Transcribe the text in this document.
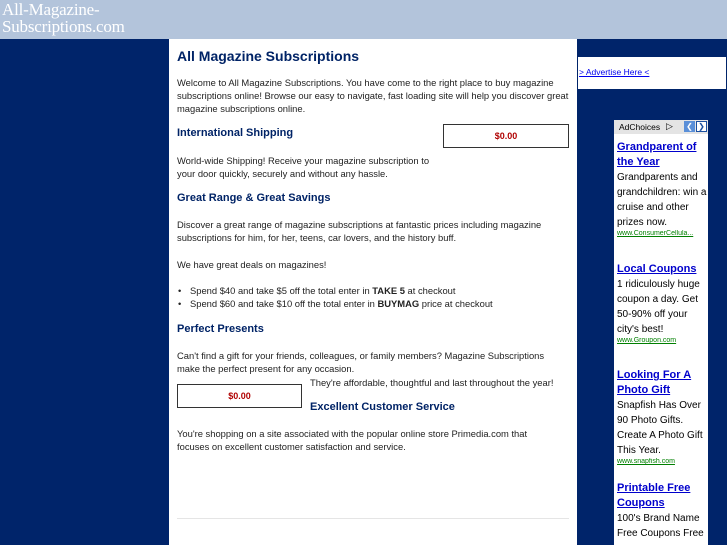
All-Magazine-
Subscriptions.com
All Magazine Subscriptions

Welcome to All Magazine Subscriptions. You have come to the right place to buy magazine subscriptions online! Browse our easy to navigate, fast loading site will help you discover great magazine subscriptions online.

International Shipping	$0.00

World-wide Shipping! Receive your magazine subscription to your door quickly, securely and without any hassle.

Great Range & Great Savings

Discover a great range of magazine subscriptions at fantastic prices including magazine subscriptions for him, for her, teens, car lovers, and the history buff.

We have great deals on magazines!

• Spend $40 and take $5 off the total enter in TAKE 5 at checkout
• Spend $60 and take $10 off the total enter in BUYMAG price at checkout
Perfect Presents

Can't find a gift for your friends, colleagues, or family members? Magazine Subscriptions make the perfect present for any occasion.

$0.00

They're affordable, thoughtful and last throughout the year!

Excellent Customer Service

You're shopping on a site associated with the popular online store Primedia.com that focuses on excellent customer satisfaction and service.

> Advertise Here <
AdChoices ▷ ❮ ❯
Grandparent of the Year
Grandparents and grandchildren: win a cruise and other prizes now.
www.ConsumerCellula...
Local Coupons
1 ridiculously huge coupon a day. Get 50-90% off your city's best!
www.Groupon.com
Looking For A Photo Gift
Snapfish Has Over 90 Photo Gifts. Create A Photo Gift This Year.
www.snapfish.com
Printable Free Coupons
100's Brand Name Free Coupons Free
